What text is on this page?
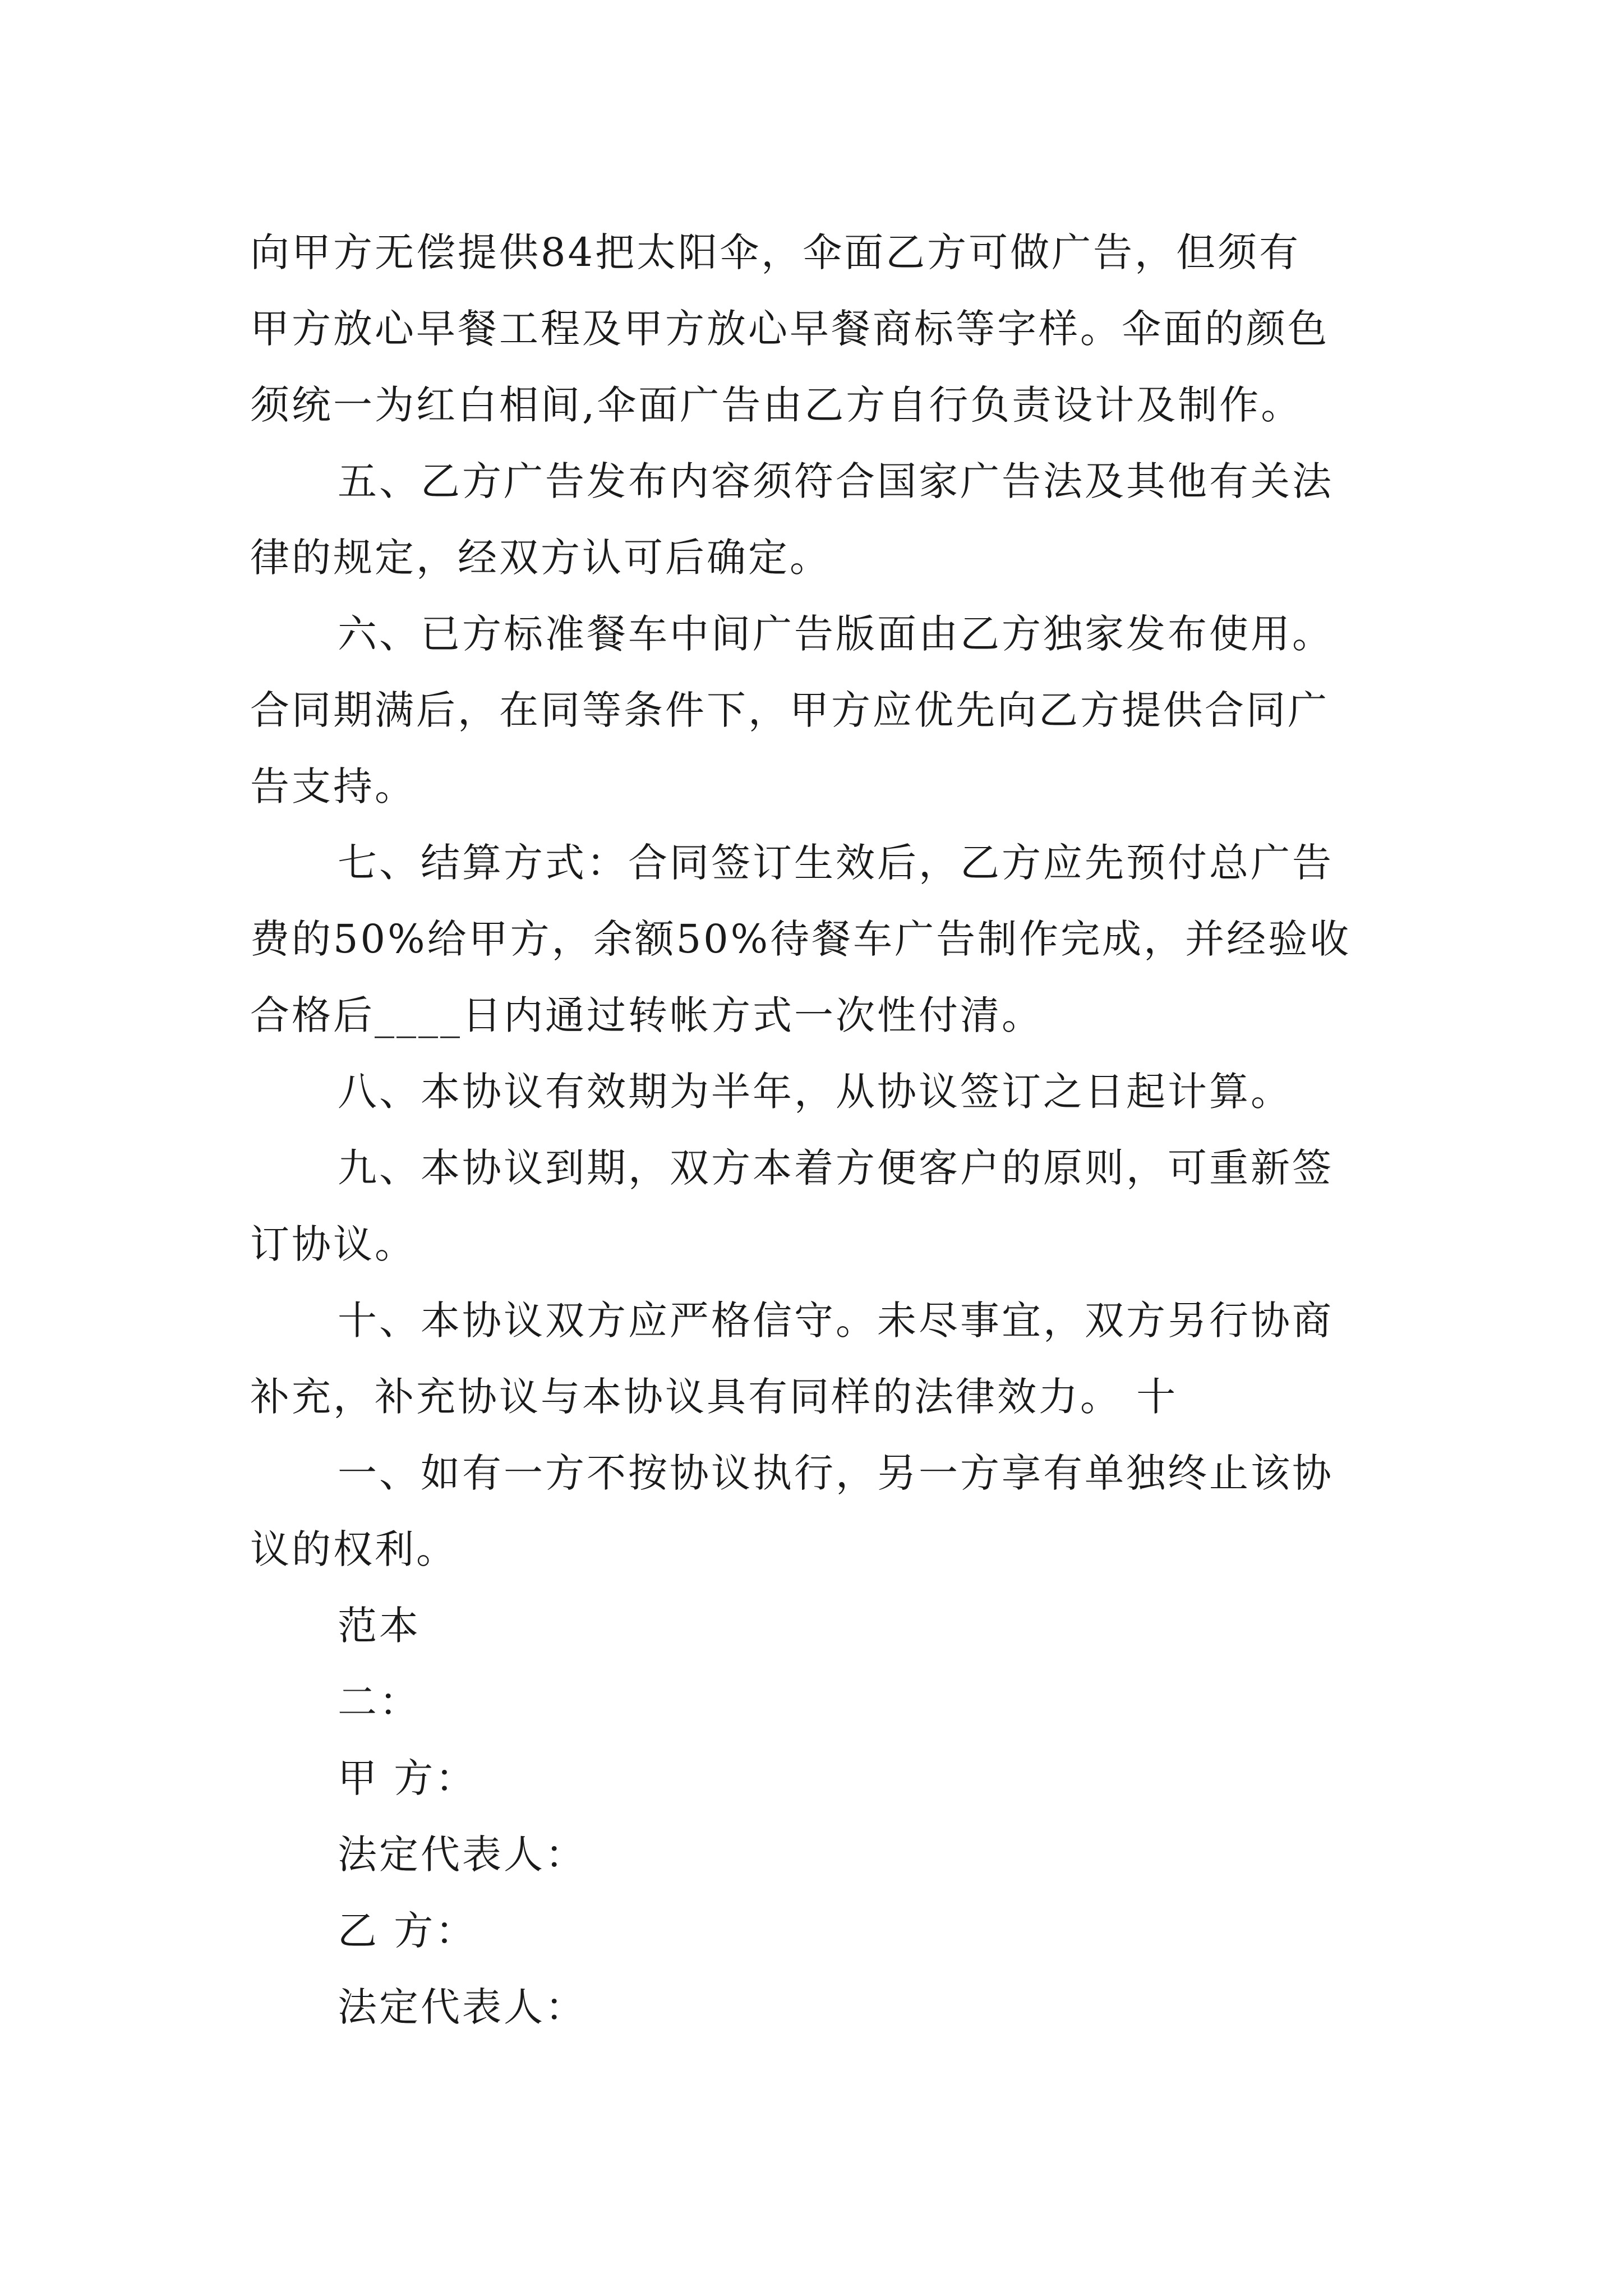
向甲方无偿提供84把太阳伞，伞面乙方可做广告，但须有
甲方放心早餐工程及甲方放心早餐商标等字样。伞面的颜色
须统一为红白相间,伞面广告由乙方自行负责设计及制作。
五、乙方广告发布内容须符合国家广告法及其他有关法
律的规定，经双方认可后确定。
六、已方标准餐车中间广告版面由乙方独家发布使用。
合同期满后，在同等条件下，甲方应优先向乙方提供合同广
告支持。
七、结算方式：合同签订生效后，乙方应先预付总广告
费的50%给甲方，余额50%待餐车广告制作完成，并经验收
合格后____日内通过转帐方式一次性付清。
八、本协议有效期为半年，从协议签订之日起计算。
九、本协议到期，双方本着方便客户的原则，可重新签
订协议。
十、本协议双方应严格信守。未尽事宜，双方另行协商
补充，补充协议与本协议具有同样的法律效力。 十
一、如有一方不按协议执行，另一方享有单独终止该协
议的权利。
范本
二：
甲 方：
法定代表人：
乙 方：
法定代表人：
